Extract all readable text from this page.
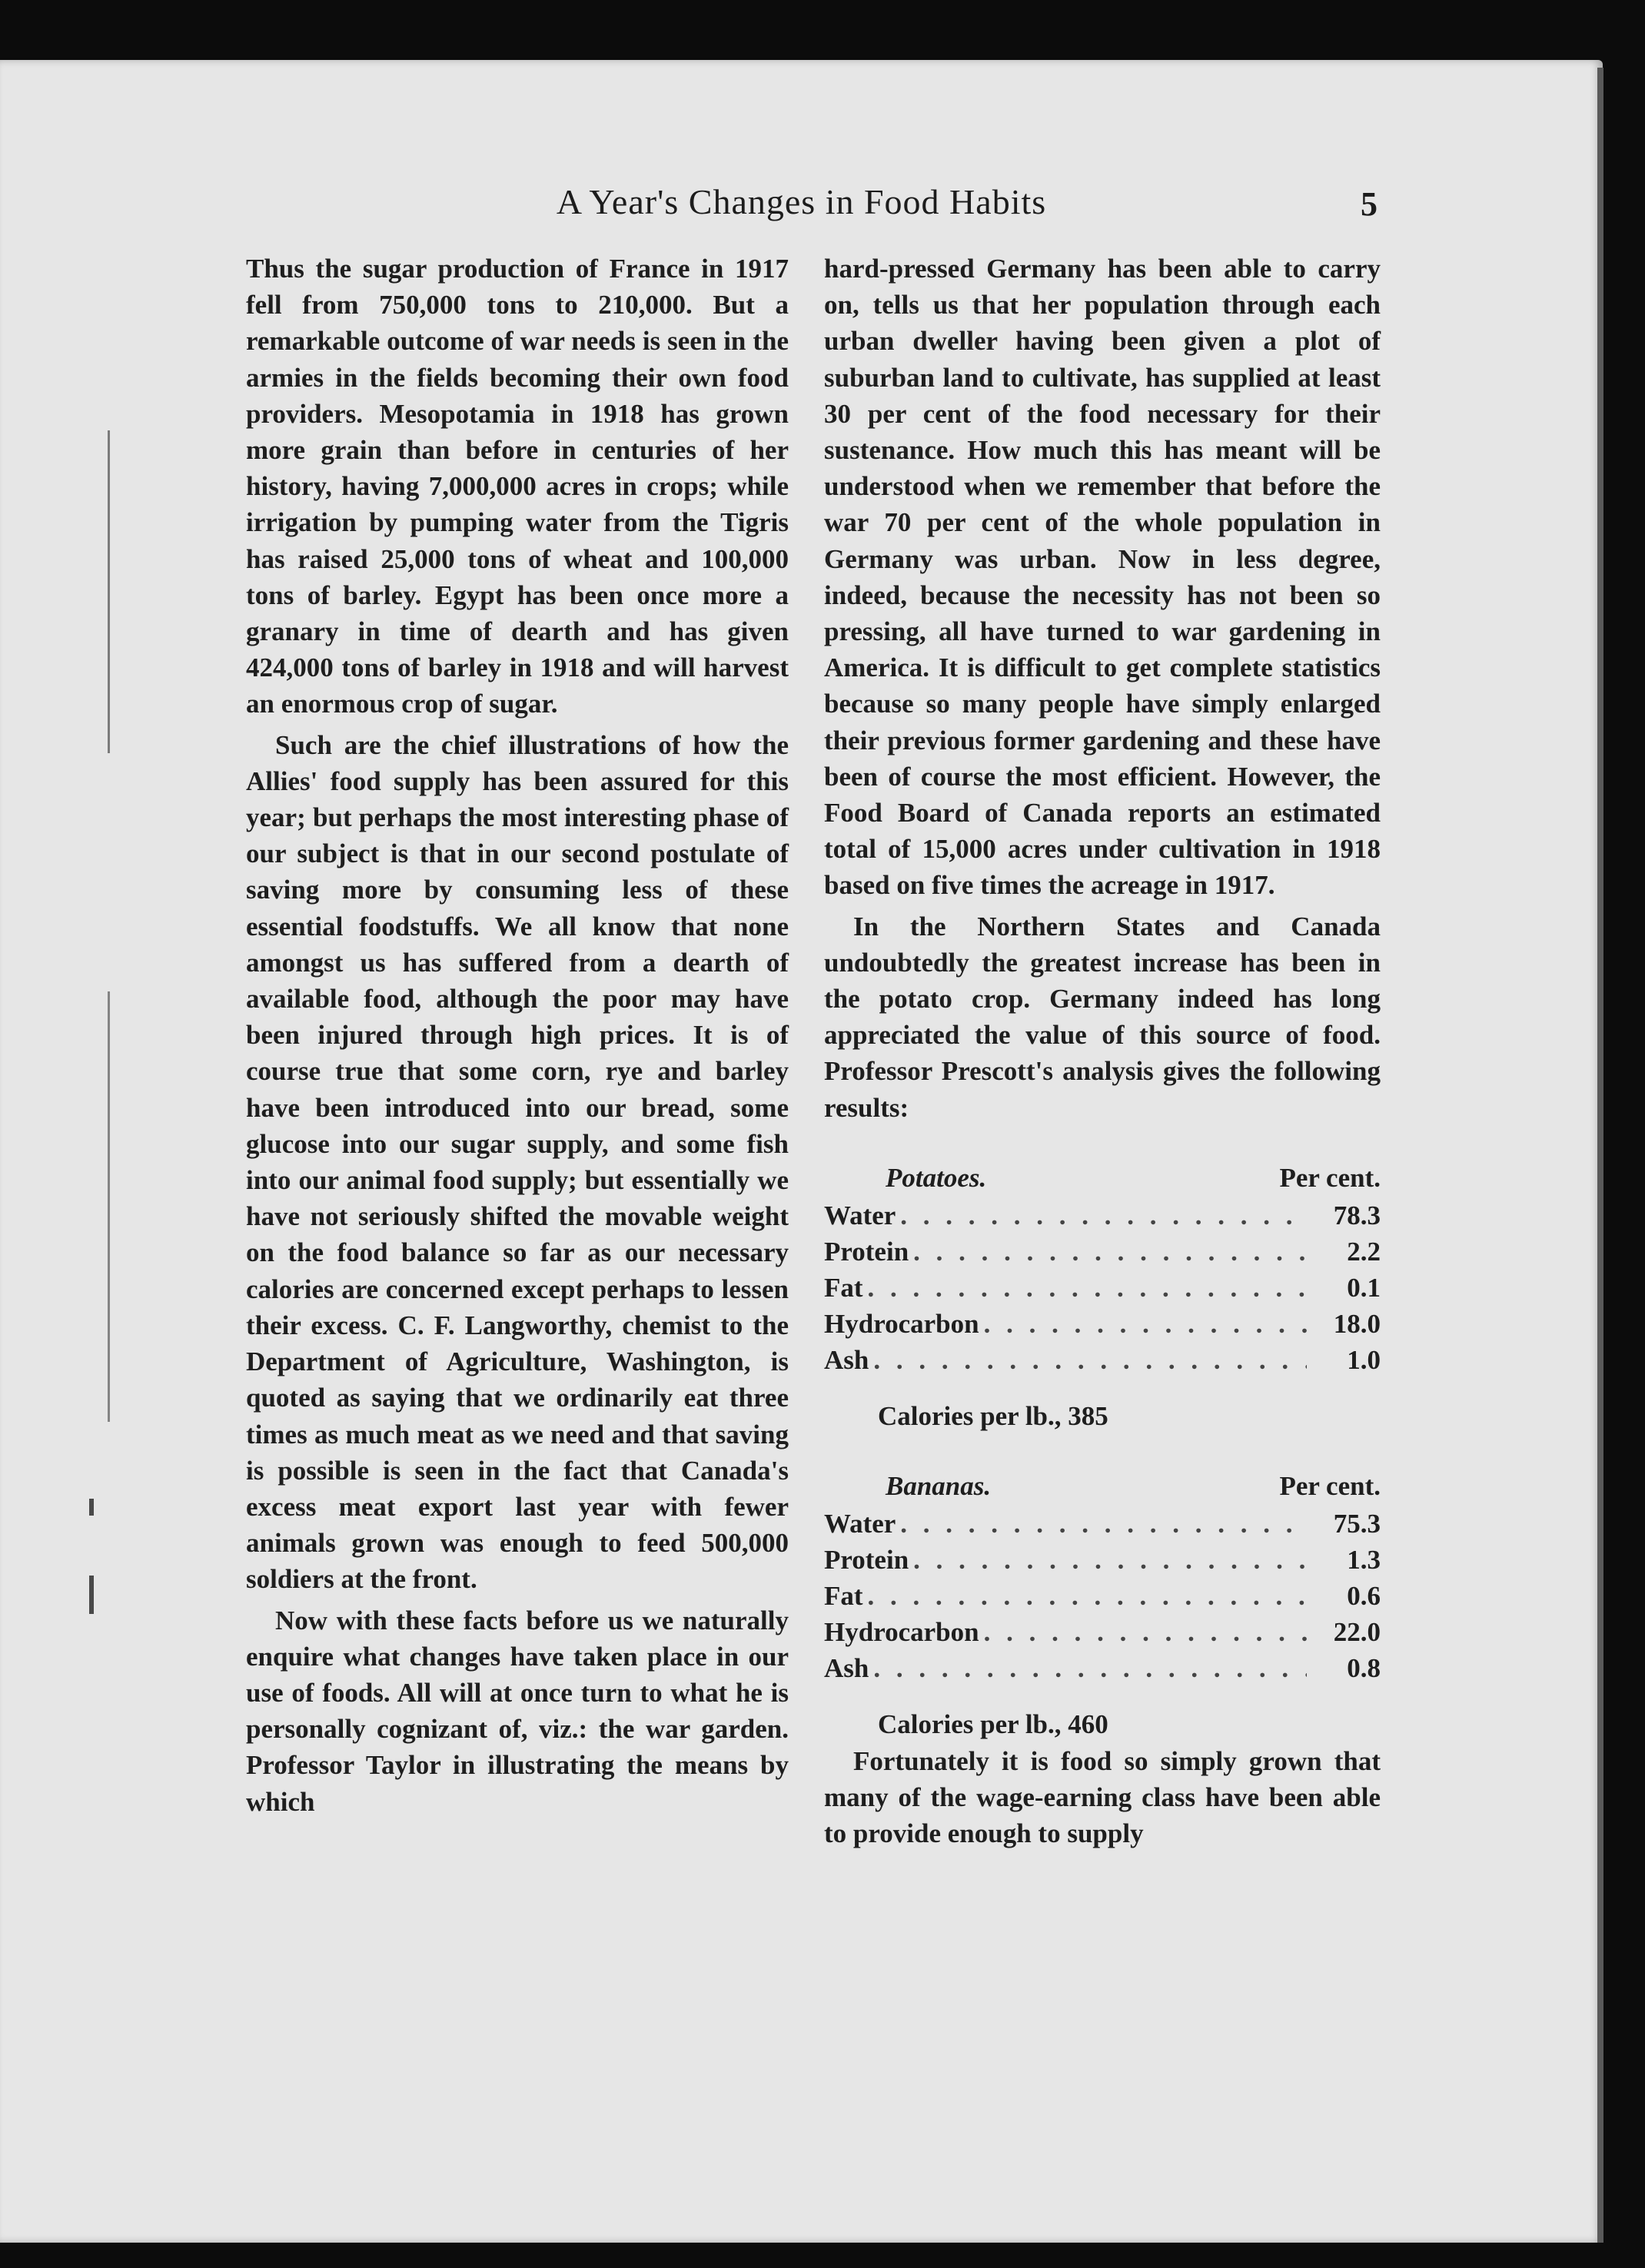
A Year's Changes in Food Habits	5

Thus the sugar production of France in 1917 fell from 750,000 tons to 210,000. But a remarkable outcome of war needs is seen in the armies in the fields becoming their own food providers. Mesopotamia in 1918 has grown more grain than before in centuries of her history, having 7,000,000 acres in crops; while irrigation by pumping water from the Tigris has raised 25,000 tons of wheat and 100,000 tons of barley. Egypt has been once more a granary in time of dearth and has given 424,000 tons of barley in 1918 and will harvest an enormous crop of sugar.

Such are the chief illustrations of how the Allies' food supply has been assured for this year; but perhaps the most interesting phase of our subject is that in our second postulate of saving more by consuming less of these essential foodstuffs. We all know that none amongst us has suffered from a dearth of available food, although the poor may have been injured through high prices. It is of course true that some corn, rye and barley have been introduced into our bread, some glucose into our sugar supply, and some fish into our animal food supply; but essentially we have not seriously shifted the movable weight on the food balance so far as our necessary calories are concerned except perhaps to lessen their excess. C. F. Langworthy, chemist to the Department of Agriculture, Washington, is quoted as saying that we ordinarily eat three times as much meat as we need and that saving is possible is seen in the fact that Canada's excess meat export last year with fewer animals grown was enough to feed 500,000 soldiers at the front.

Now with these facts before us we naturally enquire what changes have taken place in our use of foods. All will at once turn to what he is personally cognizant of, viz.: the war garden. Professor Taylor in illustrating the means by which

hard-pressed Germany has been able to carry on, tells us that her population through each urban dweller having been given a plot of suburban land to cultivate, has supplied at least 30 per cent of the food necessary for their sustenance. How much this has meant will be understood when we remember that before the war 70 per cent of the whole population in Germany was urban. Now in less degree, indeed, because the necessity has not been so pressing, all have turned to war gardening in America. It is difficult to get complete statistics because so many people have simply enlarged their previous former gardening and these have been of course the most efficient. However, the Food Board of Canada reports an estimated total of 15,000 acres under cultivation in 1918 based on five times the acreage in 1917.

In the Northern States and Canada undoubtedly the greatest increase has been in the potato crop. Germany indeed has long appreciated the value of this source of food. Professor Prescott's analysis gives the following results:

Potatoes.	Per cent.
Water . . .	78.3
Protein . . .	2.2
Fat . . .	0.1
Hydrocarbon . . .	18.0
Ash . . .	1.0
Calories per lb., 385
Bananas.	Per cent.
Water . . .	75.3
Protein . . .	1.3
Fat . . .	0.6
Hydrocarbon . . .	22.0
Ash . . .	0.8
Calories per lb., 460

Fortunately it is food so simply grown that many of the wage-earning class have been able to provide enough to supply
